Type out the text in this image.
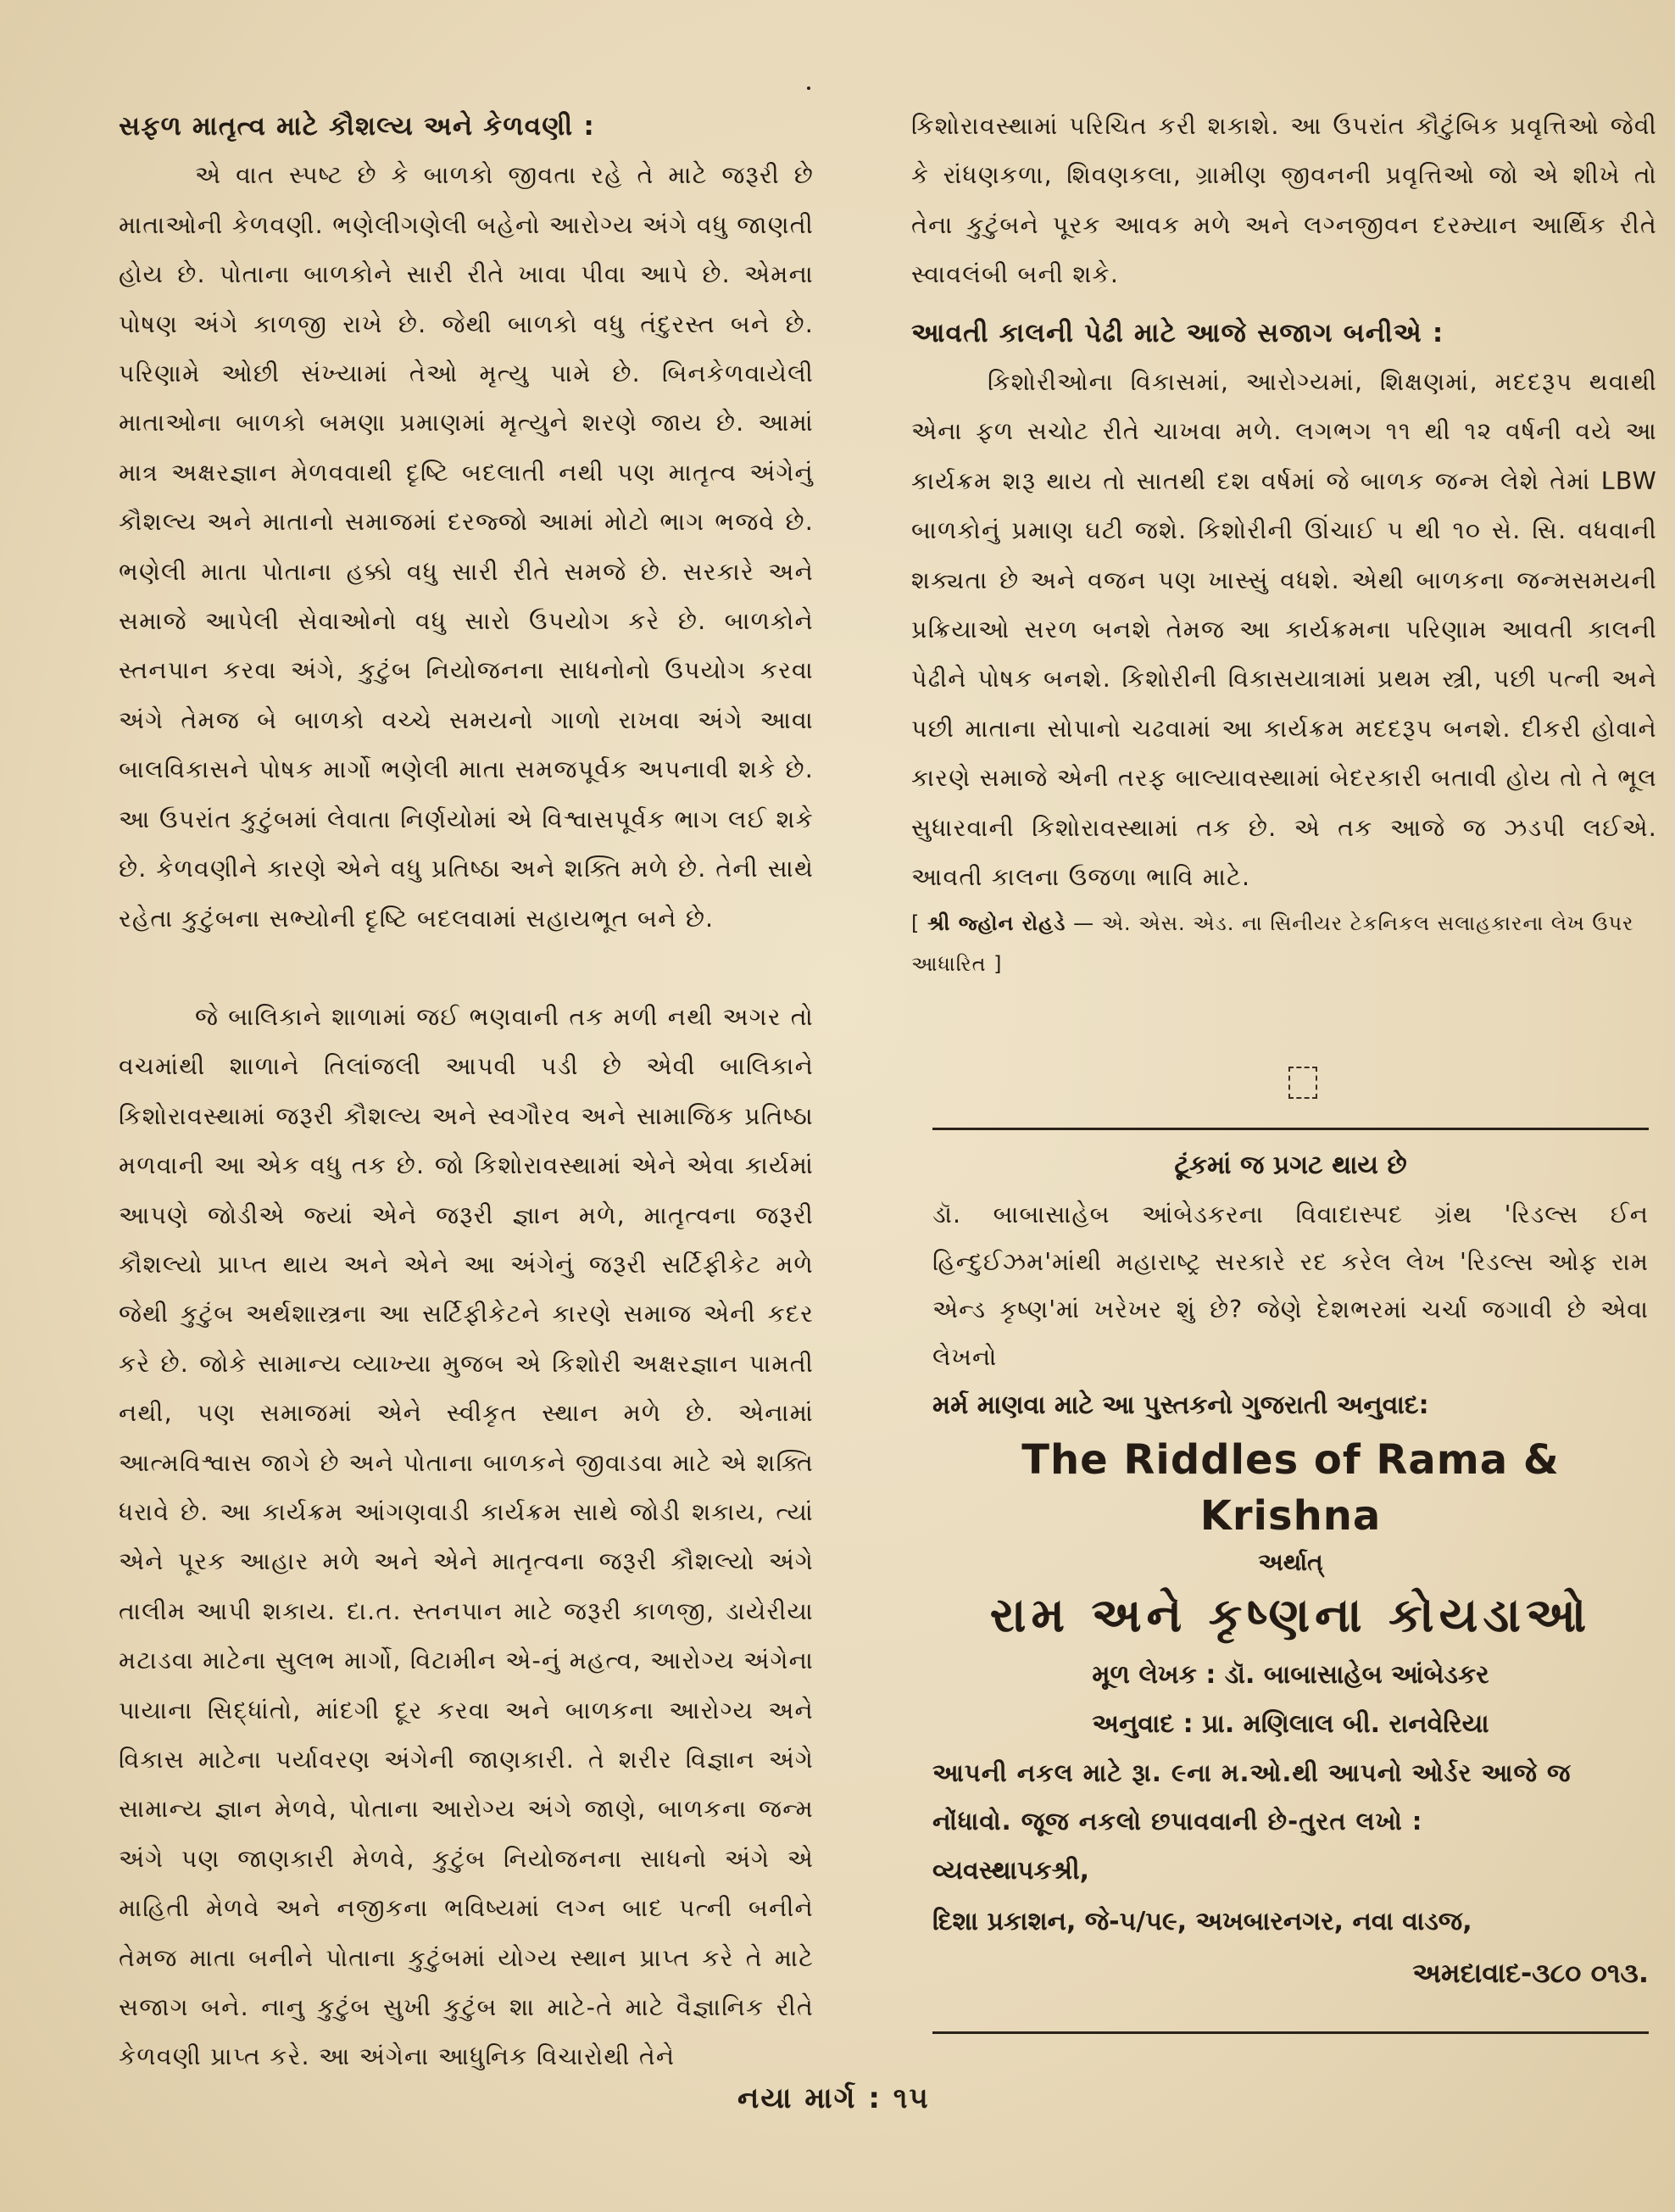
સફળ માતૃત્વ માટે કૌશલ્ય અને કેળવણી :

એ વાત સ્પષ્ટ છે કે બાળકો જીવતા રહે તે માટે જરૂરી છે માતાઓની કેળવણી. ભણેલીગણેલી બહેનો આરોગ્ય અંગે વધુ જાણતી હોય છે. પોતાના બાળકોને સારી રીતે ખાવા પીવા આપે છે. એમના પોષણ અંગે કાળજી રાખે છે. જેથી બાળકો વધુ તંદુરસ્ત બને છે. પરિણામે ઓછી સંખ્યામાં તેઓ મૃત્યુ પામે છે. બિનકેળવાયેલી માતાઓના બાળકો બમણા પ્રમાણમાં મૃત્યુને શરણે જાય છે. આમાં માત્ર અક્ષરજ્ઞાન મેળવવાથી દૃષ્ટિ બદલાતી નથી પણ માતૃત્વ અંગેનું કૌશલ્ય અને માતાનો સમાજમાં દરજ્જો આમાં મોટો ભાગ ભજવે છે. ભણેલી માતા પોતાના હક્કો વધુ સારી રીતે સમજે છે. સરકારે અને સમાજે આપેલી સેવાઓનો વધુ સારો ઉપયોગ કરે છે. બાળકોને સ્તનપાન કરવા અંગે, કુટુંબ નિયોજનના સાધનોનો ઉપયોગ કરવા અંગે તેમજ બે બાળકો વચ્ચે સમયનો ગાળો રાખવા અંગે આવા બાલવિકાસને પોષક માર્ગો ભણેલી માતા સમજપૂર્વક અપનાવી શકે છે. આ ઉપરાંત કુટુંબમાં લેવાતા નિર્ણયોમાં એ વિશ્વાસપૂર્વક ભાગ લઈ શકે છે. કેળવણીને કારણે એને વધુ પ્રતિષ્ઠા અને શક્તિ મળે છે. તેની સાથે રહેતા કુટુંબના સભ્યોની દૃષ્ટિ બદલવામાં સહાયભૂત બને છે.

જે બાલિકાને શાળામાં જઈ ભણવાની તક મળી નથી અગર તો વચમાંથી શાળાને તિલાંજલી આપવી પડી છે એવી બાલિકાને કિશોરાવસ્થામાં જરૂરી કૌશલ્ય અને સ્વગૌરવ અને સામાજિક પ્રતિષ્ઠા મળવાની આ એક વધુ તક છે. જો કિશોરાવસ્થામાં એને એવા કાર્યમાં આપણે જોડીએ જ્યાં એને જરૂરી જ્ઞાન મળે, માતૃત્વના જરૂરી કૌશલ્યો પ્રાપ્ત થાય અને એને આ અંગેનું જરૂરી સર્ટિફીકેટ મળે જેથી કુટુંબ અર્થશાસ્ત્રના આ સર્ટિફીકેટને કારણે સમાજ એની કદર કરે છે. જોકે સામાન્ય વ્યાખ્યા મુજબ એ કિશોરી અક્ષરજ્ઞાન પામતી નથી, પણ સમાજમાં એને સ્વીકૃત સ્થાન મળે છે. એનામાં આત્મવિશ્વાસ જાગે છે અને પોતાના બાળકને જીવાડવા માટે એ શક્તિ ધરાવે છે. આ કાર્યક્રમ આંગણવાડી કાર્યક્રમ સાથે જોડી શકાય, ત્યાં એને પૂરક આહાર મળે અને એને માતૃત્વના જરૂરી કૌશલ્યો અંગે તાલીમ આપી શકાય. દા.ત. સ્તનપાન માટે જરૂરી કાળજી, ડાયેરીયા મટાડવા માટેના સુલભ માર્ગો, વિટામીન એ-નું મહત્વ, આરોગ્ય અંગેના પાયાના સિદ્ધાંતો, માંદગી દૂર કરવા અને બાળકના આરોગ્ય અને વિકાસ માટેના પર્યાવરણ અંગેની જાણકારી. તે શરીર વિજ્ઞાન અંગે સામાન્ય જ્ઞાન મેળવે, પોતાના આરોગ્ય અંગે જાણે, બાળકના જન્મ અંગે પણ જાણકારી મેળવે, કુટુંબ નિયોજનના સાધનો અંગે એ માહિતી મેળવે અને નજીકના ભવિષ્યમાં લગ્ન બાદ પત્ની બનીને તેમજ માતા બનીને પોતાના કુટુંબમાં યોગ્ય સ્થાન પ્રાપ્ત કરે તે માટે સજાગ બને. નાનુ કુટુંબ સુખી કુટુંબ શા માટે-તે માટે વૈજ્ઞાનિક રીતે કેળવણી પ્રાપ્ત કરે. આ અંગેના આધુનિક વિચારોથી તેને

કિશોરાવસ્થામાં પરિચિત કરી શકાશે. આ ઉપરાંત કૌટુંબિક પ્રવૃત્તિઓ જેવી કે રાંધણકળા, શિવણકલા, ગ્રામીણ જીવનની પ્રવૃત્તિઓ જો એ શીખે તો તેના કુટુંબને પૂરક આવક મળે અને લગ્નજીવન દરમ્યાન આર્થિક રીતે સ્વાવલંબી બની શકે.

આવતી કાલની પેઢી માટે આજે સજાગ બનીએ :

કિશોરીઓના વિકાસમાં, આરોગ્યમાં, શિક્ષણમાં, મદદરૂપ થવાથી એના ફળ સચોટ રીતે ચાખવા મળે. લગભગ ૧૧ થી ૧૨ વર્ષની વયે આ કાર્યક્રમ શરૂ થાય તો સાતથી દશ વર્ષમાં જે બાળક જન્મ લેશે તેમાં LBW બાળકોનું પ્રમાણ ઘટી જશે. કિશોરીની ઊંચાઈ ૫ થી ૧૦ સે. સિ. વધવાની શક્યતા છે અને વજન પણ ખાસ્સું વધશે. એથી બાળકના જન્મસમયની પ્રક્રિયાઓ સરળ બનશે તેમજ આ કાર્યક્રમના પરિણામ આવતી કાલની પેઢીને પોષક બનશે. કિશોરીની વિકાસયાત્રામાં પ્રથમ સ્ત્રી, પછી પત્ની અને પછી માતાના સોપાનો ચઢવામાં આ કાર્યક્રમ મદદરૂપ બનશે. દીકરી હોવાને કારણે સમાજે એની તરફ બાલ્યાવસ્થામાં બેદરકારી બતાવી હોય તો તે ભૂલ સુધારવાની કિશોરાવસ્થામાં તક છે. એ તક આજે જ ઝડપી લઈએ. આવતી કાલના ઉજળા ભાવિ માટે.

[ શ્રી જ્હોન રોહડે — એ. એસ. એડ. ના સિનીયર ટેકનિકલ સલાહકારના લેખ ઉપર આધારિત ]

ટૂંકમાં જ પ્રગટ થાય છે
ડૉ. બાબાસાહેબ આંબેડકરના વિવાદાસ્પદ ગ્રંથ 'રિડલ્સ ઈન હિન્દુઈઝમ'માંથી મહારાષ્ટ્ર સરકારે રદ કરેલ લેખ 'રિડલ્સ ઓફ રામ એન્ડ કૃષ્ણ'માં ખરેખર શું છે? જેણે દેશભરમાં ચર્ચા જગાવી છે એવા લેખનો
મર્મ માણવા માટે આ પુસ્તકનો ગુજરાતી અનુવાદ:
The Riddles of Rama & Krishna
અર્થાત્
રામ અને કૃષ્ણના કોયડાઓ
મૂળ લેખક : ડૉ. બાબાસાહેબ આંબેડકર
અનુવાદ : પ્રા. મણિલાલ બી. રાનવેરિયા
આપની નકલ માટે રૂા. ૯ના મ.ઓ.થી આપનો ઓર્ડર આજે જ નોંધાવો. જૂજ નકલો છપાવવાની છે-તુરત લખો :
વ્યવસ્થાપકશ્રી,
દિશા પ્રકાશન, જે-૫/૫૯, અખબારનગર, નવા વાડજ,
અમદાવાદ-૩૮૦ ૦૧૩.
નયા માર્ગ : ૧૫
